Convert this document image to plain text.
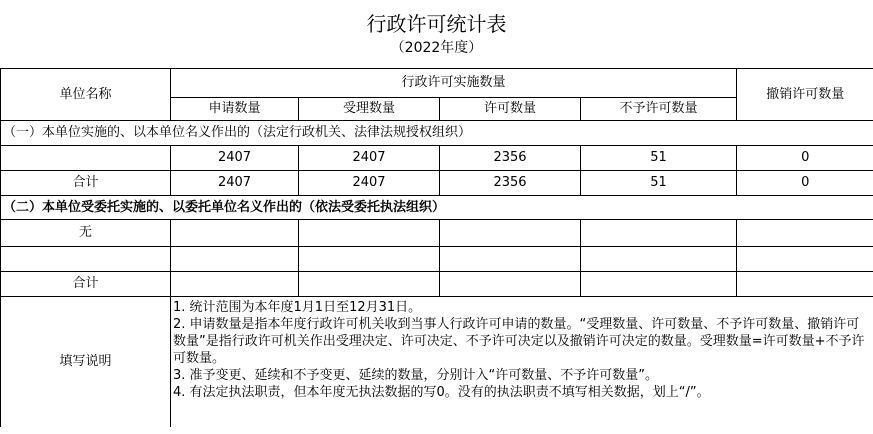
行政许可统计表
（2022年度）
单位名称	行政许可实施数量				撤销许可数量
	申请数量	受理数量	许可数量	不予许可数量	
（一）本单位实施的、以本单位名义作出的（法定行政机关、法律法规授权组织）					
	2407	2407	2356	51	0
合计	2407	2407	2356	51	0
（二）本单位受委托实施的、以委托单位名义作出的（依法受委托执法组织）					
无					

合计					
填写说明	1. 统计范围为本年度1月1日至12月31日。
2. 申请数量是指本年度行政许可机关收到当事人行政许可申请的数量。“受理数量、许可数量、不予许可数量、撤销许可数量”是指行政许可机关作出受理决定、许可决定、不予许可决定以及撤销许可决定的数量。受理数量=许可数量+不予许可数量。
3. 准予变更、延续和不予变更、延续的数量，分别计入“许可数量、不予许可数量”。
4. 有法定执法职责，但本年度无执法数据的写0。没有的执法职责不填写相关数据，划上“/”。				
